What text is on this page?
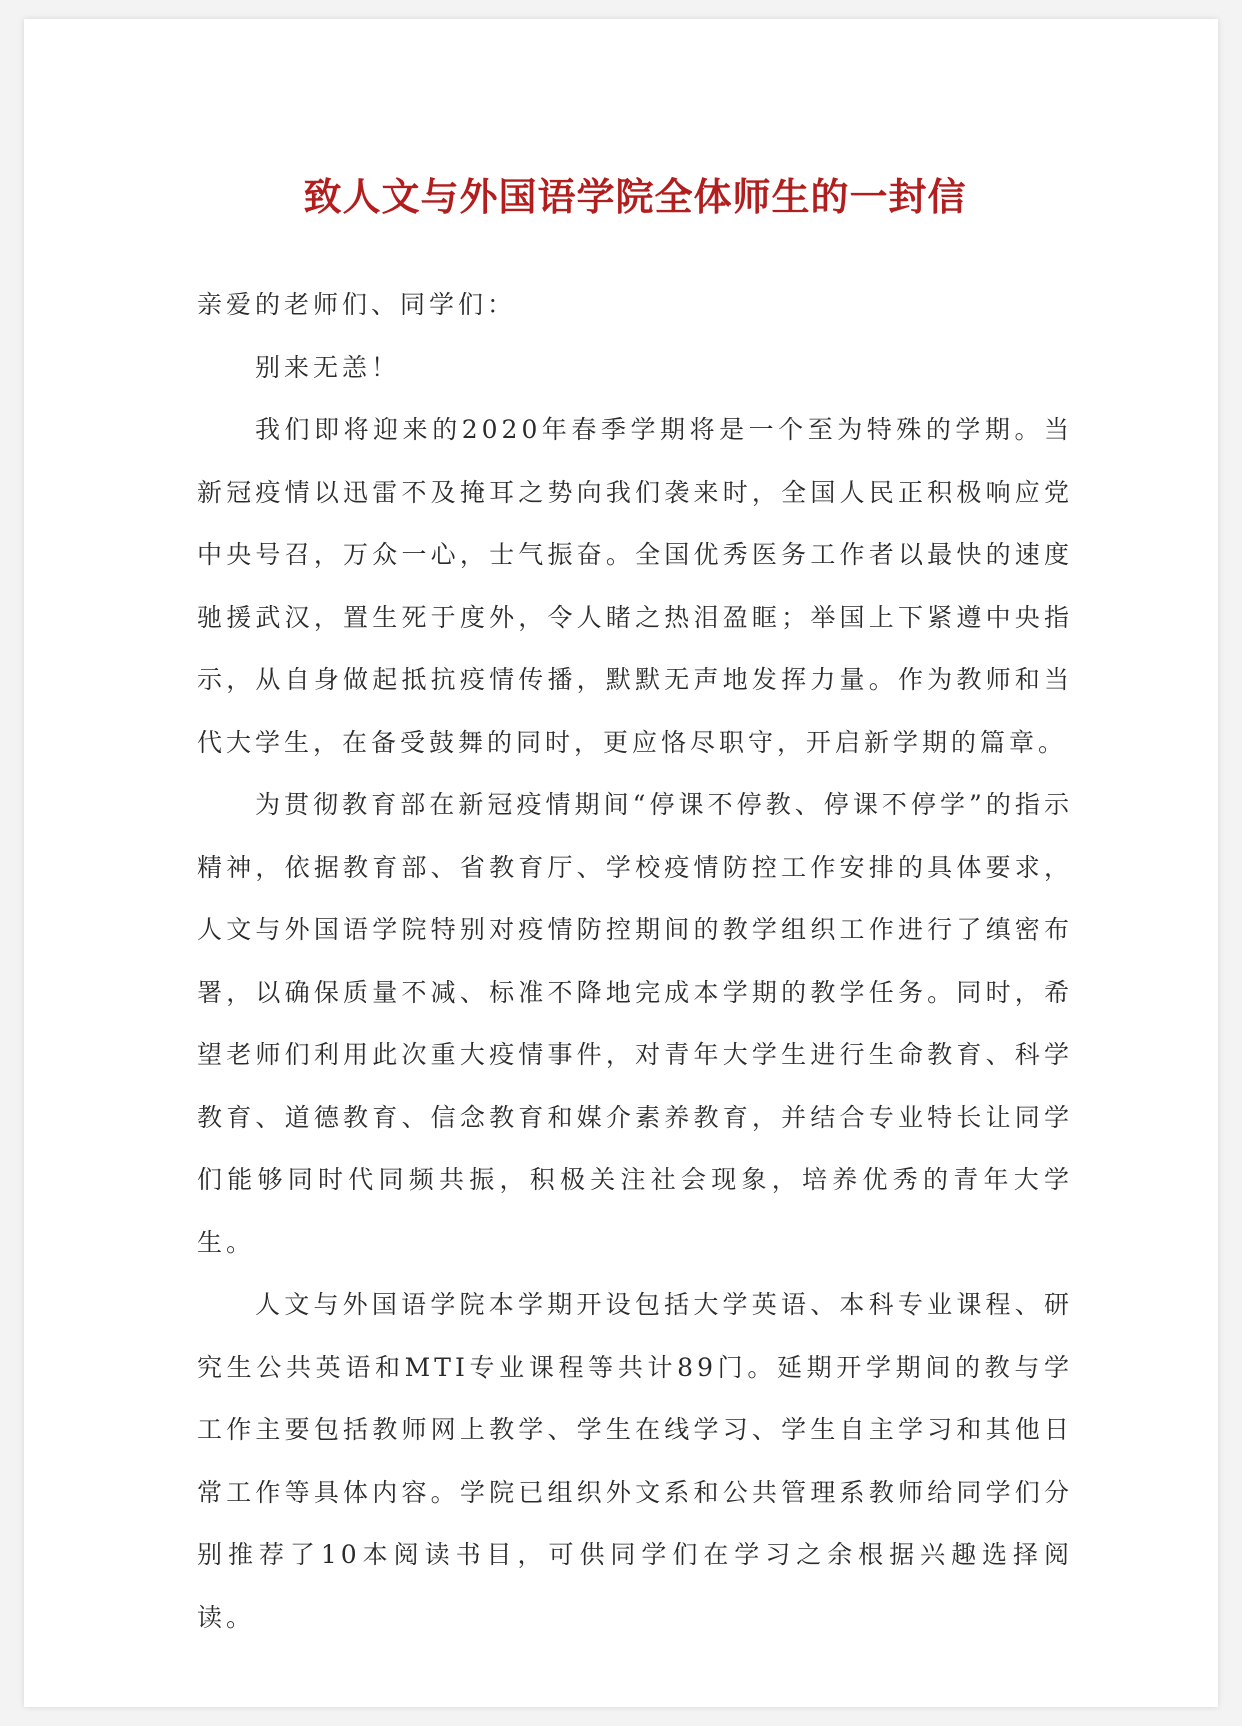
致人文与外国语学院全体师生的一封信

亲爱的老师们、同学们：

别来无恙！

我们即将迎来的2020年春季学期将是一个至为特殊的学期。当新冠疫情以迅雷不及掩耳之势向我们袭来时，全国人民正积极响应党中央号召，万众一心，士气振奋。全国优秀医务工作者以最快的速度驰援武汉，置生死于度外，令人睹之热泪盈眶；举国上下紧遵中央指示，从自身做起抵抗疫情传播，默默无声地发挥力量。作为教师和当代大学生，在备受鼓舞的同时，更应恪尽职守，开启新学期的篇章。

为贯彻教育部在新冠疫情期间“停课不停教、停课不停学”的指示精神，依据教育部、省教育厅、学校疫情防控工作安排的具体要求，人文与外国语学院特别对疫情防控期间的教学组织工作进行了缜密布署，以确保质量不减、标准不降地完成本学期的教学任务。同时，希望老师们利用此次重大疫情事件，对青年大学生进行生命教育、科学教育、道德教育、信念教育和媒介素养教育，并结合专业特长让同学们能够同时代同频共振，积极关注社会现象，培养优秀的青年大学生。

人文与外国语学院本学期开设包括大学英语、本科专业课程、研究生公共英语和MTI专业课程等共计89门。延期开学期间的教与学工作主要包括教师网上教学、学生在线学习、学生自主学习和其他日常工作等具体内容。学院已组织外文系和公共管理系教师给同学们分别推荐了10本阅读书目，可供同学们在学习之余根据兴趣选择阅读。
